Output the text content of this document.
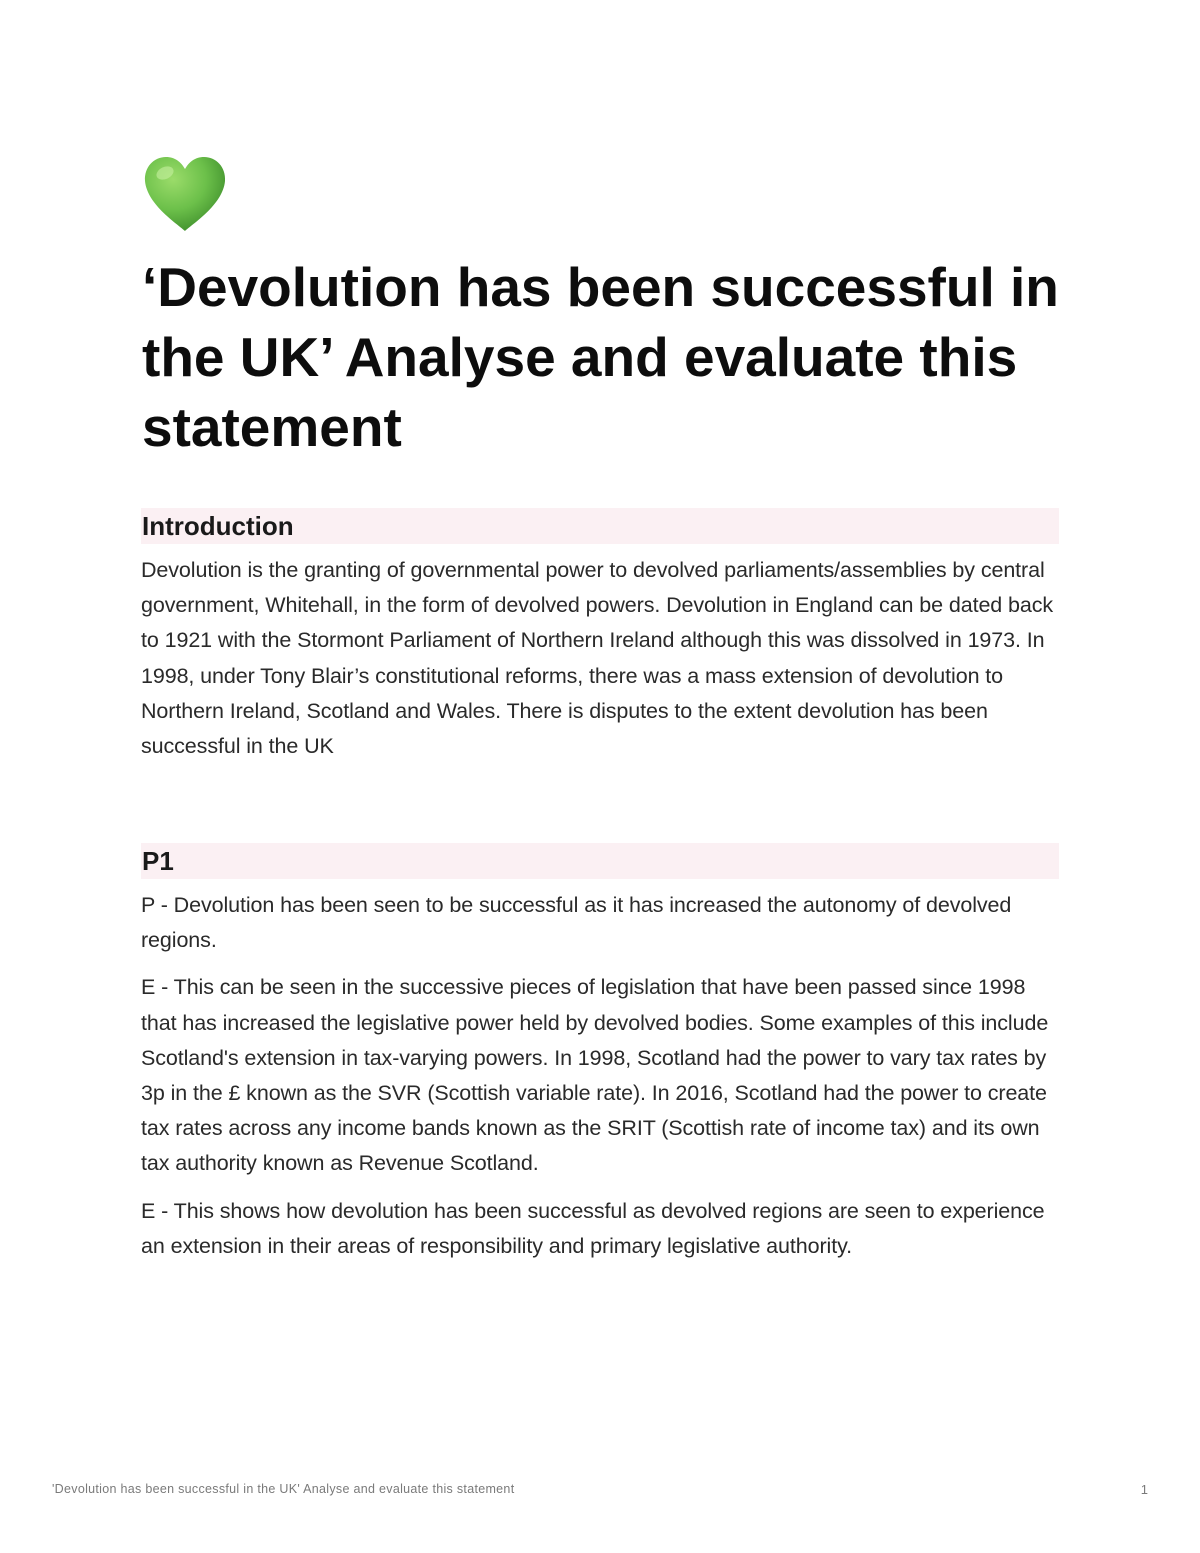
‘Devolution has been successful in the UK’ Analyse and evaluate this statement
Introduction

Devolution is the granting of governmental power to devolved parliaments/assemblies by central government, Whitehall, in the form of devolved powers. Devolution in England can be dated back to 1921 with the Stormont Parliament of Northern Ireland although this was dissolved in 1973. In 1998, under Tony Blair’s constitutional reforms, there was a mass extension of devolution to Northern Ireland, Scotland and Wales. There is disputes to the extent devolution has been successful in the UK

P1

P - Devolution has been seen to be successful as it has increased the autonomy of devolved regions.

E - This can be seen in the successive pieces of legislation that have been passed since 1998 that has increased the legislative power held by devolved bodies. Some examples of this include Scotland's extension in tax-varying powers. In 1998, Scotland had the power to vary tax rates by 3p in the £ known as the SVR (Scottish variable rate). In 2016, Scotland had the power to create tax rates across any income bands known as the SRIT (Scottish rate of income tax) and its own tax authority known as Revenue Scotland.

E - This shows how devolution has been successful as devolved regions are seen to experience an extension in their areas of responsibility and primary legislative authority.

'Devolution has been successful in the UK' Analyse and evaluate this statement	1
